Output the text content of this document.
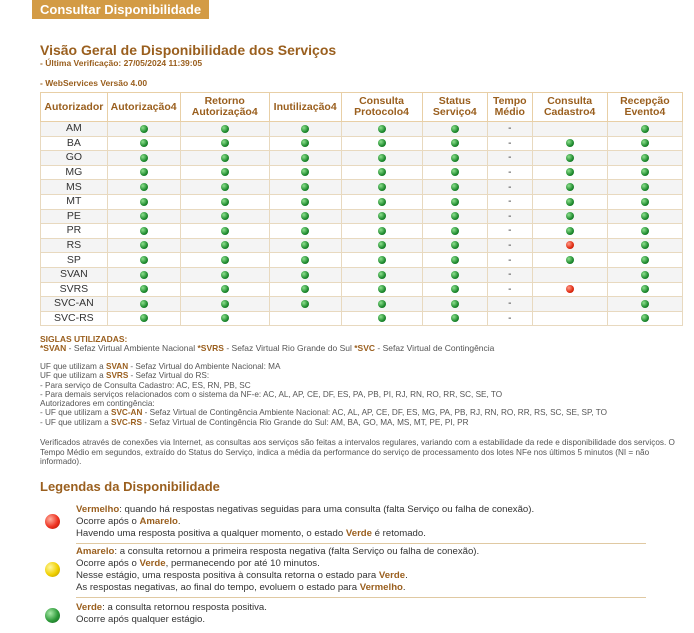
Consultar Disponibilidade
Visão Geral de Disponibilidade dos Serviços
- Última Verificação: 27/05/2024 11:39:05
- WebServices Versão 4.00
Autorizador	Autorização4	Retorno Autorização4	Inutilização4	Consulta Protocolo4	Status Serviço4	Tempo Médio	Consulta Cadastro4	Recepção Evento4
AM						-		
BA						-		
GO						-		
MG						-		
MS						-		
MT						-		
PE						-		
PR						-		
RS						-		
SP						-		
SVAN						-		
SVRS						-		
SVC-AN						-		
SVC-RS						-		
SIGLAS UTILIZADAS:
*SVAN - Sefaz Virtual Ambiente Nacional *SVRS - Sefaz Virtual Rio Grande do Sul *SVC - Sefaz Virtual de Contingência
UF que utilizam a SVAN - Sefaz Virtual do Ambiente Nacional: MA
UF que utilizam a SVRS - Sefaz Virtual do RS:
- Para serviço de Consulta Cadastro: AC, ES, RN, PB, SC
- Para demais serviços relacionados com o sistema da NF-e: AC, AL, AP, CE, DF, ES, PA, PB, PI, RJ, RN, RO, RR, SC, SE, TO
Autorizadores em contingência:
- UF que utilizam a SVC-AN - Sefaz Virtual de Contingência Ambiente Nacional: AC, AL, AP, CE, DF, ES, MG, PA, PB, RJ, RN, RO, RR, RS, SC, SE, SP, TO
- UF que utilizam a SVC-RS - Sefaz Virtual de Contingência Rio Grande do Sul: AM, BA, GO, MA, MS, MT, PE, PI, PR
Verificados através de conexões via Internet, as consultas aos serviços são feitas a intervalos regulares, variando com a estabilidade da rede e disponibilidade dos serviços. O Tempo Médio em segundos, extraído do Status do Serviço, indica a média da performance do serviço de processamento dos lotes NFe nos últimos 5 minutos (NI = não informado).
Legendas da Disponibilidade
Vermelho: quando há respostas negativas seguidas para uma consulta (falta Serviço ou falha de conexão).
Ocorre após o Amarelo.
Havendo uma resposta positiva a qualquer momento, o estado Verde é retomado.
Amarelo: a consulta retornou a primeira resposta negativa (falta Serviço ou falha de conexão).
Ocorre após o Verde, permanecendo por até 10 minutos.
Nesse estágio, uma resposta positiva à consulta retorna o estado para Verde.
As respostas negativas, ao final do tempo, evoluem o estado para Vermelho.
Verde: a consulta retornou resposta positiva.
Ocorre após qualquer estágio.
